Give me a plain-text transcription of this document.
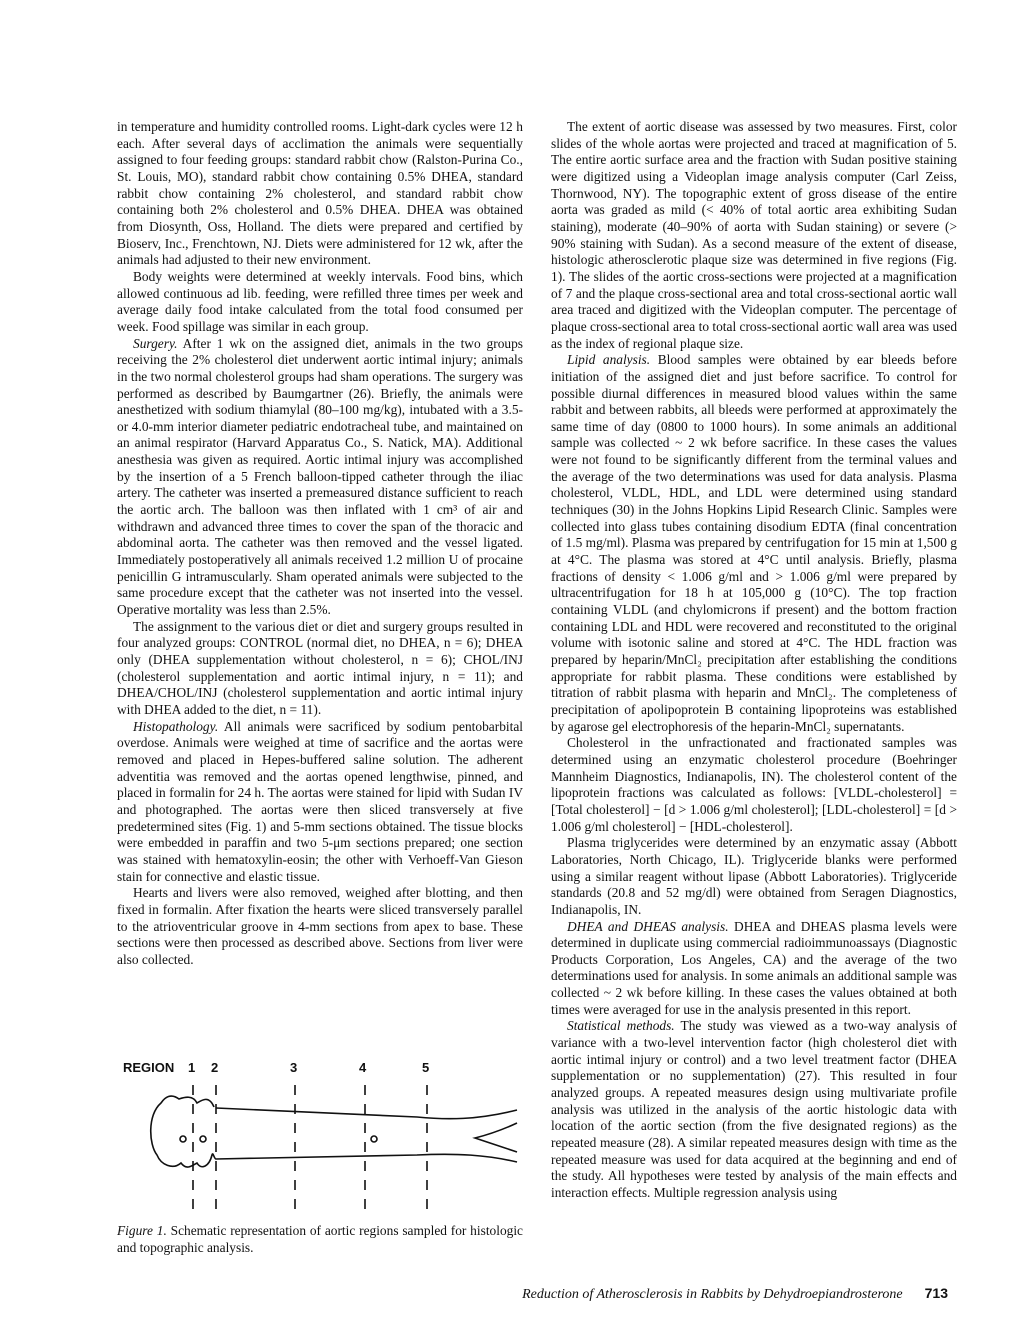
in temperature and humidity controlled rooms. Light-dark cycles were 12 h each. After several days of acclimation the animals were sequentially assigned to four feeding groups: standard rabbit chow (Ralston-Purina Co., St. Louis, MO), standard rabbit chow containing 0.5% DHEA, standard rabbit chow containing 2% cholesterol, and standard rabbit chow containing both 2% cholesterol and 0.5% DHEA. DHEA was obtained from Diosynth, Oss, Holland. The diets were prepared and certified by Bioserv, Inc., Frenchtown, NJ. Diets were administered for 12 wk, after the animals had adjusted to their new environment.

Body weights were determined at weekly intervals. Food bins, which allowed continuous ad lib. feeding, were refilled three times per week and average daily food intake calculated from the total food consumed per week. Food spillage was similar in each group.

Surgery. After 1 wk on the assigned diet, animals in the two groups receiving the 2% cholesterol diet underwent aortic intimal injury; animals in the two normal cholesterol groups had sham operations. The surgery was performed as described by Baumgartner (26). Briefly, the animals were anesthetized with sodium thiamylal (80–100 mg/kg), intubated with a 3.5- or 4.0-mm interior diameter pediatric endotracheal tube, and maintained on an animal respirator (Harvard Apparatus Co., S. Natick, MA). Additional anesthesia was given as required. Aortic intimal injury was accomplished by the insertion of a 5 French balloon-tipped catheter through the iliac artery. The catheter was inserted a premeasured distance sufficient to reach the aortic arch. The balloon was then inflated with 1 cm³ of air and withdrawn and advanced three times to cover the span of the thoracic and abdominal aorta. The catheter was then removed and the vessel ligated. Immediately postoperatively all animals received 1.2 million U of procaine penicillin G intramuscularly. Sham operated animals were subjected to the same procedure except that the catheter was not inserted into the vessel. Operative mortality was less than 2.5%.

The assignment to the various diet or diet and surgery groups resulted in four analyzed groups: CONTROL (normal diet, no DHEA, n = 6); DHEA only (DHEA supplementation without cholesterol, n = 6); CHOL/INJ (cholesterol supplementation and aortic intimal injury, n = 11); and DHEA/CHOL/INJ (cholesterol supplementation and aortic intimal injury with DHEA added to the diet, n = 11).

Histopathology. All animals were sacrificed by sodium pentobarbital overdose. Animals were weighed at time of sacrifice and the aortas were removed and placed in Hepes-buffered saline solution. The adherent adventitia was removed and the aortas opened lengthwise, pinned, and placed in formalin for 24 h. The aortas were stained for lipid with Sudan IV and photographed. The aortas were then sliced transversely at five predetermined sites (Fig. 1) and 5-mm sections obtained. The tissue blocks were embedded in paraffin and two 5-μm sections prepared; one section was stained with hematoxylin-eosin; the other with Verhoeff-Van Gieson stain for connective and elastic tissue.

Hearts and livers were also removed, weighed after blotting, and then fixed in formalin. After fixation the hearts were sliced transversely parallel to the atrioventricular groove in 4-mm sections from apex to base. These sections were then processed as described above. Sections from liver were also collected.

REGION 1 2	3	4	5
Figure 1. Schematic representation of aortic regions sampled for histologic and topographic analysis.

The extent of aortic disease was assessed by two measures. First, color slides of the whole aortas were projected and traced at magnification of 5. The entire aortic surface area and the fraction with Sudan positive staining were digitized using a Videoplan image analysis computer (Carl Zeiss, Thornwood, NY). The topographic extent of gross disease of the entire aorta was graded as mild (< 40% of total aortic area exhibiting Sudan staining), moderate (40–90% of aorta with Sudan staining) or severe (> 90% staining with Sudan). As a second measure of the extent of disease, histologic atherosclerotic plaque size was determined in five regions (Fig. 1). The slides of the aortic cross-sections were projected at a magnification of 7 and the plaque cross-sectional area and total cross-sectional aortic wall area traced and digitized with the Videoplan computer. The percentage of plaque cross-sectional area to total cross-sectional aortic wall area was used as the index of regional plaque size.

Lipid analysis. Blood samples were obtained by ear bleeds before initiation of the assigned diet and just before sacrifice. To control for possible diurnal differences in measured blood values within the same rabbit and between rabbits, all bleeds were performed at approximately the same time of day (0800 to 1000 hours). In some animals an additional sample was collected ~ 2 wk before sacrifice. In these cases the values were not found to be significantly different from the terminal values and the average of the two determinations was used for data analysis. Plasma cholesterol, VLDL, HDL, and LDL were determined using standard techniques (30) in the Johns Hopkins Lipid Research Clinic. Samples were collected into glass tubes containing disodium EDTA (final concentration of 1.5 mg/ml). Plasma was prepared by centrifugation for 15 min at 1,500 g at 4°C. The plasma was stored at 4°C until analysis. Briefly, plasma fractions of density < 1.006 g/ml and > 1.006 g/ml were prepared by ultracentrifugation for 18 h at 105,000 g (10°C). The top fraction containing VLDL (and chylomicrons if present) and the bottom fraction containing LDL and HDL were recovered and reconstituted to the original volume with isotonic saline and stored at 4°C. The HDL fraction was prepared by heparin/MnCl₂ precipitation after establishing the conditions appropriate for rabbit plasma. These conditions were established by titration of rabbit plasma with heparin and MnCl₂. The completeness of precipitation of apolipoprotein B containing lipoproteins was established by agarose gel electrophoresis of the heparin-MnCl₂ supernatants.

Cholesterol in the unfractionated and fractionated samples was determined using an enzymatic cholesterol procedure (Boehringer Mannheim Diagnostics, Indianapolis, IN). The cholesterol content of the lipoprotein fractions was calculated as follows: [VLDL-cholesterol] = [Total cholesterol] − [d > 1.006 g/ml cholesterol]; [LDL-cholesterol] = [d > 1.006 g/ml cholesterol] − [HDL-cholesterol].

Plasma triglycerides were determined by an enzymatic assay (Abbott Laboratories, North Chicago, IL). Triglyceride blanks were performed using a similar reagent without lipase (Abbott Laboratories). Triglyceride standards (20.8 and 52 mg/dl) were obtained from Seragen Diagnostics, Indianapolis, IN.

DHEA and DHEAS analysis. DHEA and DHEAS plasma levels were determined in duplicate using commercial radioimmunoassays (Diagnostic Products Corporation, Los Angeles, CA) and the average of the two determinations used for analysis. In some animals an additional sample was collected ~ 2 wk before killing. In these cases the values obtained at both times were averaged for use in the analysis presented in this report.

Statistical methods. The study was viewed as a two-way analysis of variance with a two-level intervention factor (high cholesterol diet with aortic intimal injury or control) and a two level treatment factor (DHEA supplementation or no supplementation) (27). This resulted in four analyzed groups. A repeated measures design using multivariate profile analysis was utilized in the analysis of the aortic histologic data with location of the aortic section (from the five designated regions) as the repeated measure (28). A similar repeated measures design with time as the repeated measure was used for data acquired at the beginning and end of the study. All hypotheses were tested by analysis of the main effects and interaction effects. Multiple regression analysis using

Reduction of Atherosclerosis in Rabbits by Dehydroepiandrosterone 713
